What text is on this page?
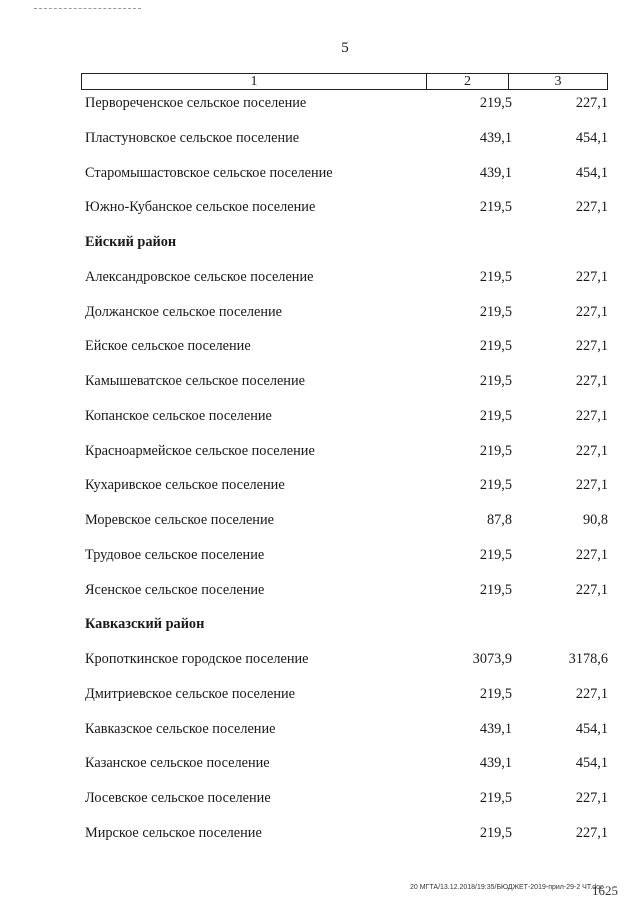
5
1	2	3
Первореченское сельское поселение	219,5	227,1
Пластуновское сельское поселение	439,1	454,1
Старомышастовское сельское поселение	439,1	454,1
Южно-Кубанское сельское поселение	219,5	227,1
Ейский район
Александровское сельское поселение	219,5	227,1
Должанское сельское поселение	219,5	227,1
Ейское сельское поселение	219,5	227,1
Камышеватское сельское поселение	219,5	227,1
Копанское сельское поселение	219,5	227,1
Красноармейское сельское поселение	219,5	227,1
Кухаривское сельское поселение	219,5	227,1
Моревское сельское поселение	87,8	90,8
Трудовое сельское поселение	219,5	227,1
Ясенское сельское поселение	219,5	227,1
Кавказский район
Кропоткинское городское поселение	3073,9	3178,6
Дмитриевское сельское поселение	219,5	227,1
Кавказское сельское поселение	439,1	454,1
Казанское сельское поселение	439,1	454,1
Лосевское сельское поселение	219,5	227,1
Мирское сельское поселение	219,5	227,1
20 МГТА/13.12.2018/19:35/БЮДЖЕТ-2019-прил-29-2 ЧТ.doc
1625
